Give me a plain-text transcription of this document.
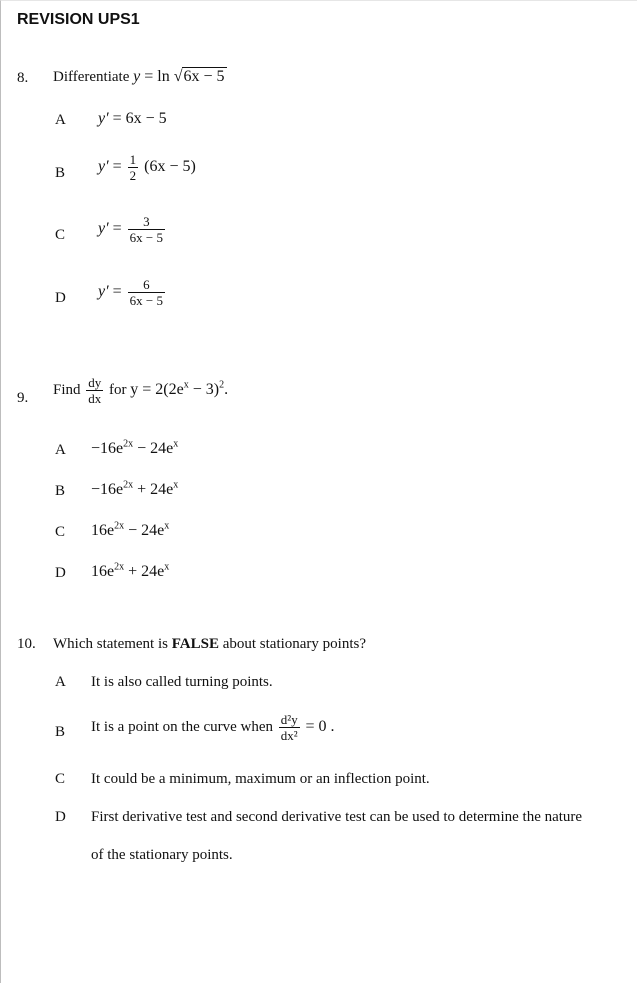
REVISION UPS1
8. Differentiate y = ln √6x − 5
A y′ = 6x − 5
B $y' = \frac{1}{2} (6x - 5)$
C $y' = \frac{3}{6x - 5}$
D $y' = \frac{6}{6x - 5}$
9.
Find $\frac{dy}{dx}$ for $y = 2(2e^x - 3)^2$.
$A -16e^{2x} - 24e^x$
$B -16e^{2x} + 24e^x$
C $16e^{2x} - 24e^x$
D $16e^{2x} + 24e^x$
10. Which statement is FALSE about stationary points?
A It is also called turning points.
B It is a point on the curve when $\frac{\text{d²y}}{\text{dx²}} = 0$ .
C It could be a minimum, maximum or an inflection point.
D First derivative test and second derivative test can be used to determine the nature
of the stationary points.
